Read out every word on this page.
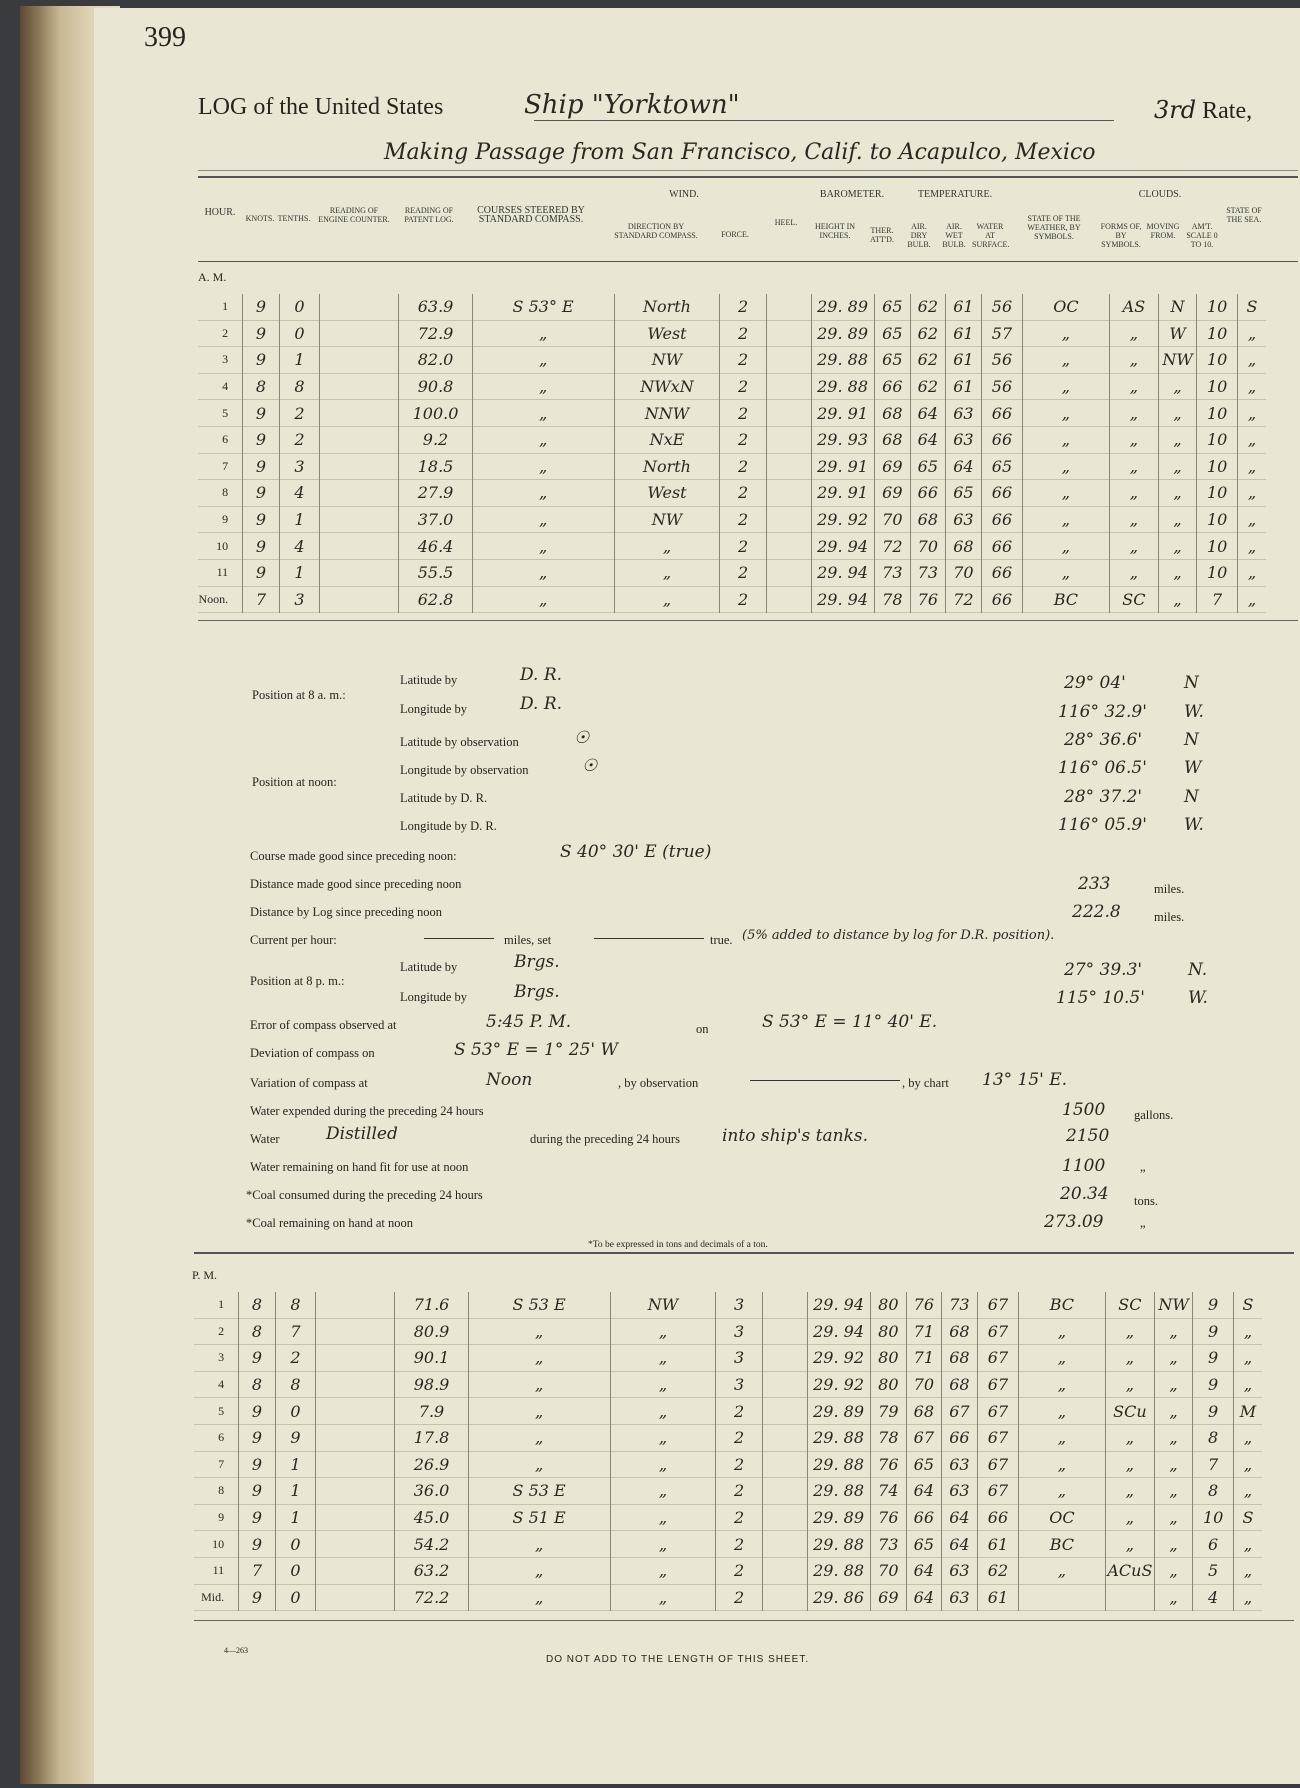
399
LOG of the United States	Ship "Yorktown"	3rd Rate,
Making Passage from San Francisco, Calif. to Acapulco, Mexico
HOUR.
KNOTS. TENTHS.
READING OF ENGINE COUNTER.
READING OF PATENT LOG.
COURSES STEERED BY STANDARD COMPASS.
WIND.
DIRECTION BY STANDARD COMPASS.	FORCE.
HEEL.
BAROMETER.
HEIGHT IN INCHES.
THER. ATT'D.
TEMPERATURE.
AIR. DRY BULB.
AIR. WET BULB.
WATER AT SURFACE.
STATE OF THE WEATHER, BY SYMBOLS.
CLOUDS.
FORMS OF, BY SYMBOLS.
MOVING FROM.
AM'T. SCALE 0 TO 10.
STATE OF THE SEA.
A. M.
1	9	0		63.9	S 53° E	North	2		29. 89	65	62	61	56	OC	AS	N	10	S
2	9	0		72.9	„	West	2		29. 89	65	62	61	57	„	„	W	10	„
3	9	1		82.0	„	NW	2		29. 88	65	62	61	56	„	„	NW	10	„
4	8	8		90.8	„	NWxN	2		29. 88	66	62	61	56	„	„	„	10	„
5	9	2		100.0	„	NNW	2		29. 91	68	64	63	66	„	„	„	10	„
6	9	2		9.2	„	NxE	2		29. 93	68	64	63	66	„	„	„	10	„
7	9	3		18.5	„	North	2		29. 91	69	65	64	65	„	„	„	10	„
8	9	4		27.9	„	West	2		29. 91	69	66	65	66	„	„	„	10	„
9	9	1		37.0	„	NW	2		29. 92	70	68	63	66	„	„	„	10	„
10	9	4		46.4	„	„	2		29. 94	72	70	68	66	„	„	„	10	„
11	9	1		55.5	„	„	2		29. 94	73	73	70	66	„	„	„	10	„
Noon.	7	3		62.8	„	„	2		29. 94	78	76	72	66	BC	SC	„	7	„
Position at 8 a. m.:
Latitude by	D. R.	29° 04'	N
Longitude by	D. R.	116° 32.9' W.
Position at noon:
Latitude by observation	☉	28° 36.6' N
Longitude by observation	☉	116° 06.5' W
Latitude by D. R.	28° 37.2' N
Longitude by D. R.	116° 05.9' W.
Course made good since preceding noon:	S 40° 30' E (true)
Distance made good since preceding noon	233	miles.
Distance by Log since preceding noon	222.8	miles.
Current per hour:	miles, set	true. (5% added to distance by log for D.R. position).
Position at 8 p. m.:
Latitude by	Brgs.	27° 39.3'	N.
Longitude by	Brgs.	115° 10.5'	W.
Error of compass observed at	5:45 P. M.	on	S 53° E = 11° 40' E.
Deviation of compass on	S 53° E = 1° 25' W
Variation of compass at	Noon	, by observation	, by chart 13° 15' E.
Water expended during the preceding 24 hours	1500 gallons.
Water	Distilled	during the preceding 24 hours into ship's tanks.	2150
Water remaining on hand fit for use at noon	1100	„
*Coal consumed during the preceding 24 hours	20.34 tons.
*Coal remaining on hand at noon	273.09	„
*To be expressed in tons and decimals of a ton.
P. M.
1	8	8		71.6	S 53 E	NW	3		29. 94	80	76	73	67	BC	SC	NW	9	S
2	8	7		80.9	„	„	3		29. 94	80	71	68	67	„	„	„	9	„
3	9	2		90.1	„	„	3		29. 92	80	71	68	67	„	„	„	9	„
4	8	8		98.9	„	„	3		29. 92	80	70	68	67	„	„	„	9	„
5	9	0		7.9	„	„	2		29. 89	79	68	67	67	„	SCu	„	9	M
6	9	9		17.8	„	„	2		29. 88	78	67	66	67	„	„	„	8	„
7	9	1		26.9	„	„	2		29. 88	76	65	63	67	„	„	„	7	„
8	9	1		36.0	S 53 E	„	2		29. 88	74	64	63	67	„	„	„	8	„
9	9	1		45.0	S 51 E	„	2		29. 89	76	66	64	66	OC	„	„	10	S
10	9	0		54.2	„	„	2		29. 88	73	65	64	61	BC	„	„	6	„
11	7	0		63.2	„	„	2		29. 88	70	64	63	62	„	ACuS	„	5	„
Mid.	9	0		72.2	„	„	2		29. 86	69	64	63	61			„	4	„
4—263
DO NOT ADD TO THE LENGTH OF THIS SHEET.
